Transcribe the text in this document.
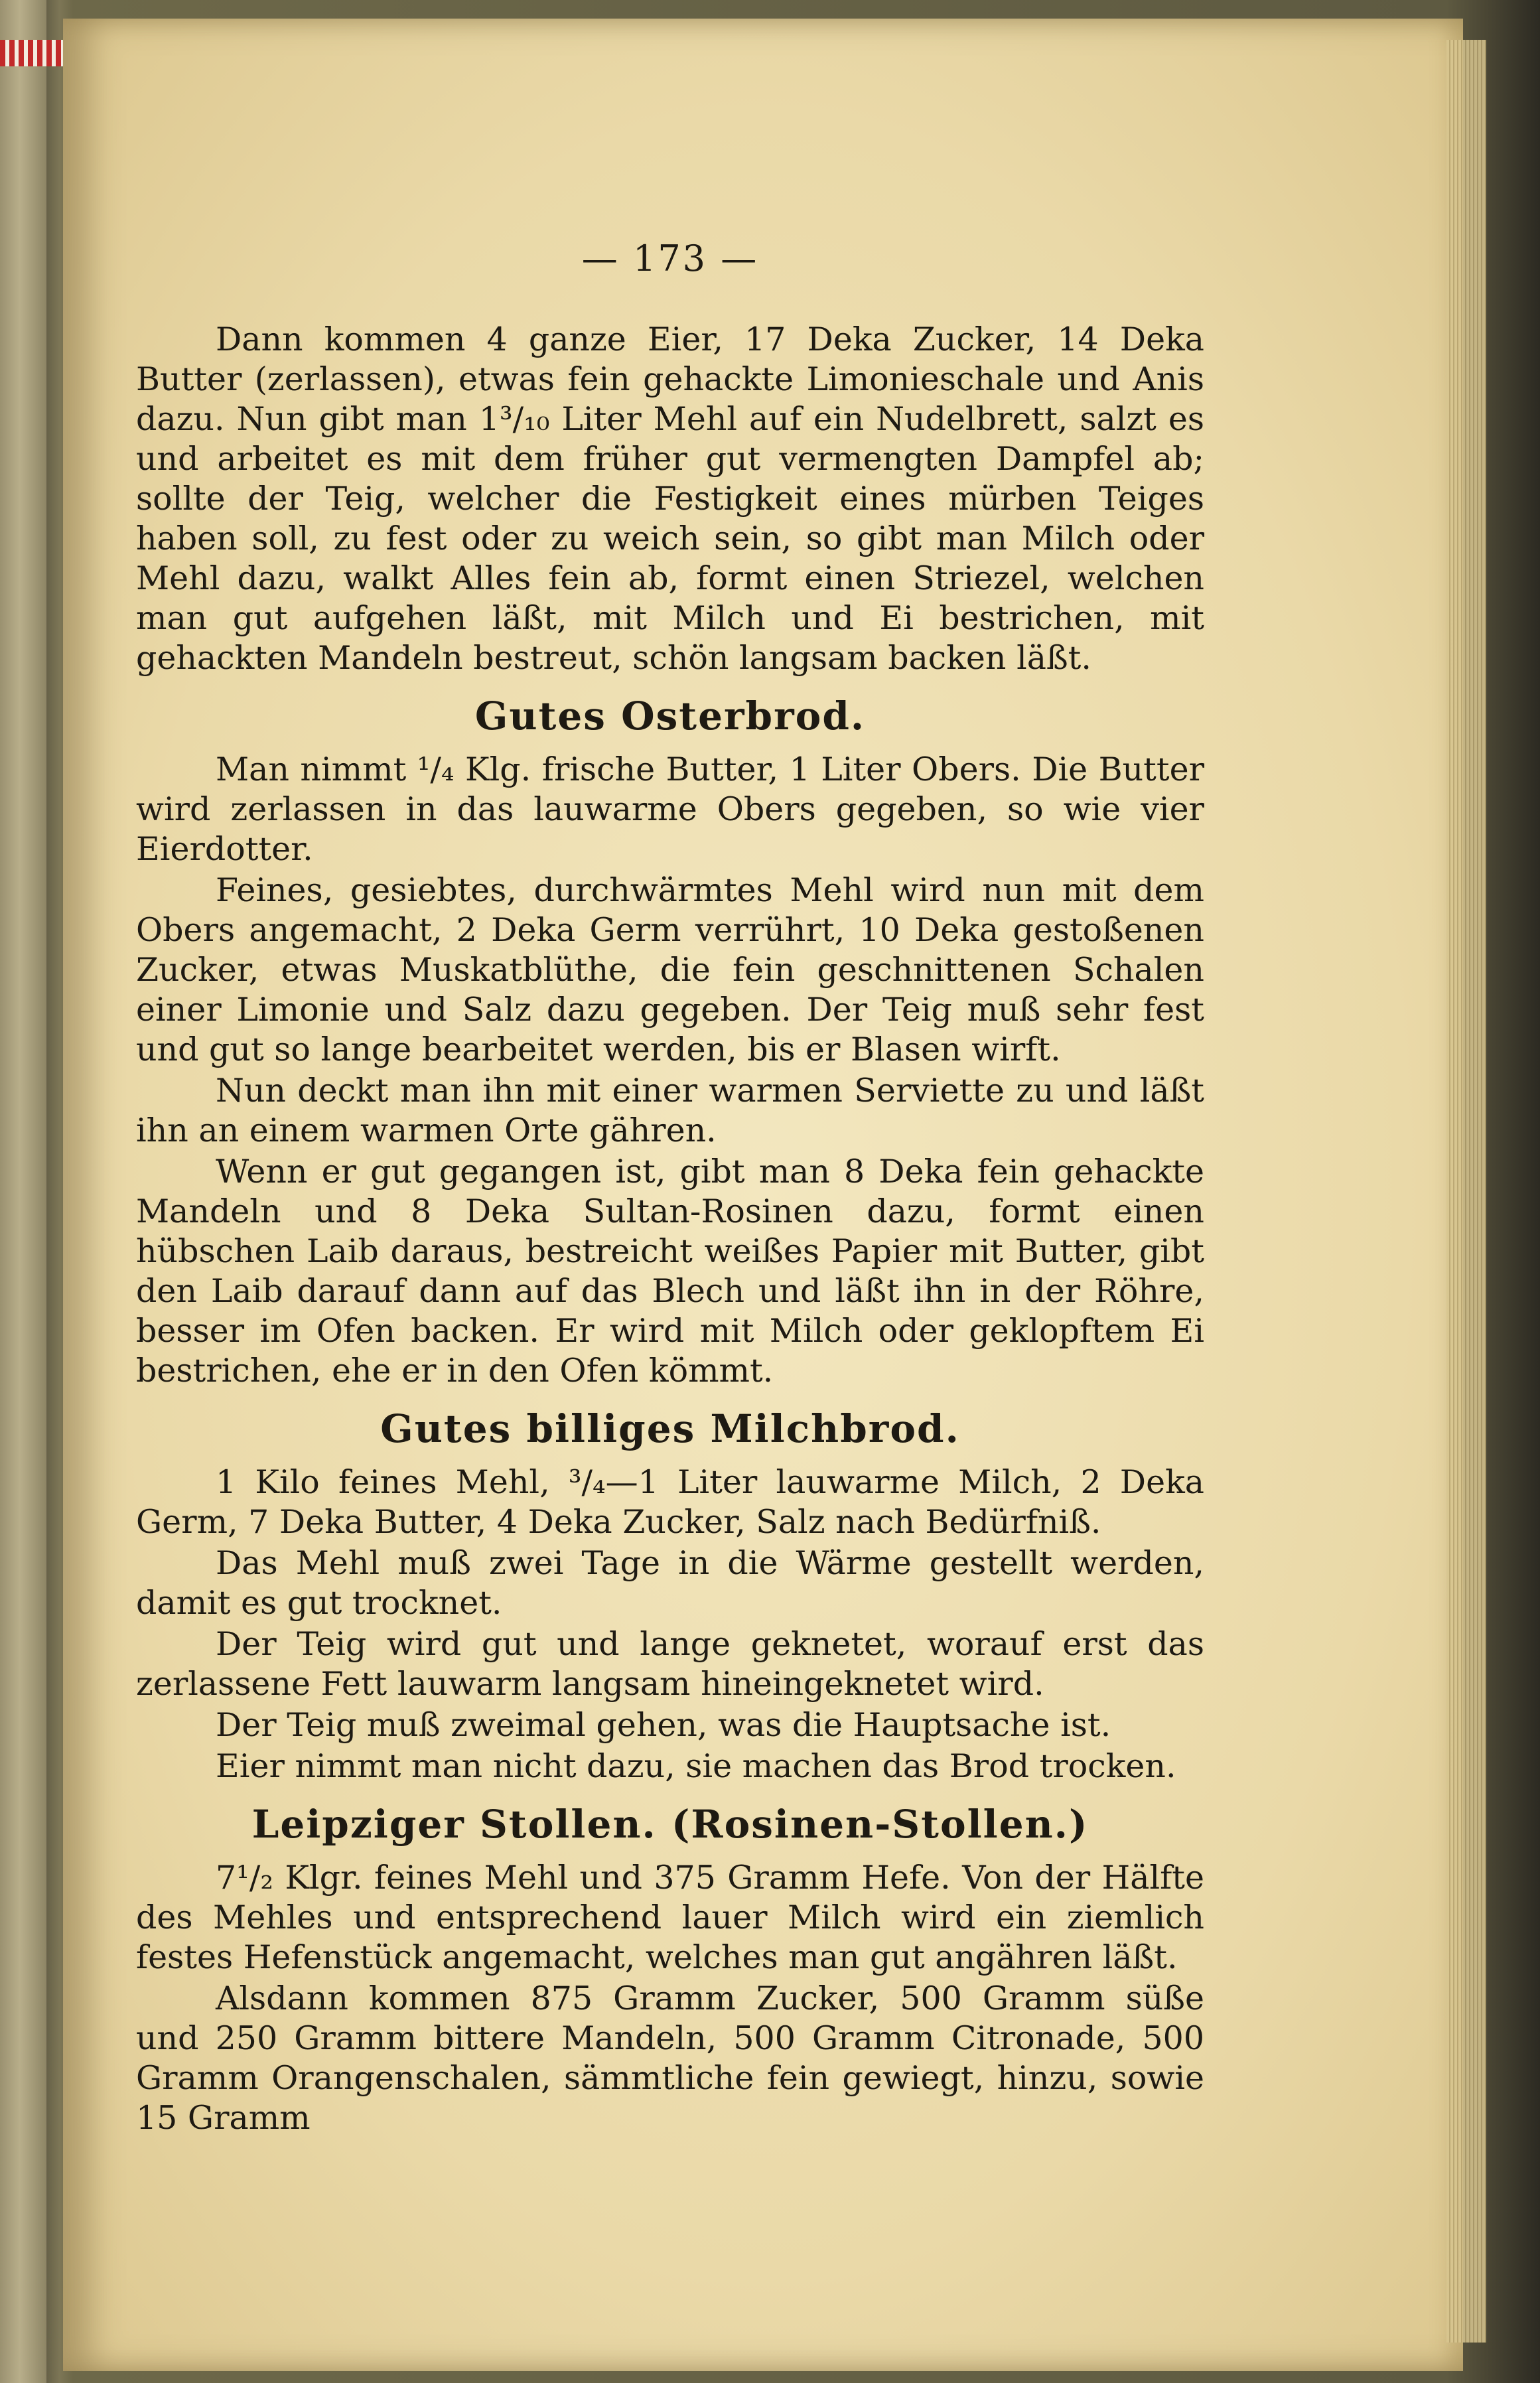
— 173 —

Dann kommen 4 ganze Eier, 17 Deka Zucker, 14 Deka Butter (zerlassen), etwas fein gehackte Limonieschale und Anis dazu. Nun gibt man 1³/₁₀ Liter Mehl auf ein Nudelbrett, salzt es und arbeitet es mit dem früher gut vermengten Dampfel ab; sollte der Teig, welcher die Festigkeit eines mürben Teiges haben soll, zu fest oder zu weich sein, so gibt man Milch oder Mehl dazu, walkt Alles fein ab, formt einen Striezel, welchen man gut aufgehen läßt, mit Milch und Ei bestrichen, mit gehackten Mandeln bestreut, schön langsam backen läßt.

Gutes Osterbrod.

Man nimmt ¹/₄ Klg. frische Butter, 1 Liter Obers. Die Butter wird zerlassen in das lauwarme Obers gegeben, so wie vier Eierdotter.

Feines, gesiebtes, durchwärmtes Mehl wird nun mit dem Obers angemacht, 2 Deka Germ verrührt, 10 Deka gestoßenen Zucker, etwas Muskatblüthe, die fein geschnittenen Schalen einer Limonie und Salz dazu gegeben. Der Teig muß sehr fest und gut so lange bearbeitet werden, bis er Blasen wirft.

Nun deckt man ihn mit einer warmen Serviette zu und läßt ihn an einem warmen Orte gähren.

Wenn er gut gegangen ist, gibt man 8 Deka fein gehackte Mandeln und 8 Deka Sultan-Rosinen dazu, formt einen hübschen Laib daraus, bestreicht weißes Papier mit Butter, gibt den Laib darauf dann auf das Blech und läßt ihn in der Röhre, besser im Ofen backen. Er wird mit Milch oder geklopftem Ei bestrichen, ehe er in den Ofen kömmt.

Gutes billiges Milchbrod.

1 Kilo feines Mehl, ³/₄—1 Liter lauwarme Milch, 2 Deka Germ, 7 Deka Butter, 4 Deka Zucker, Salz nach Bedürfniß.

Das Mehl muß zwei Tage in die Wärme gestellt werden, damit es gut trocknet.

Der Teig wird gut und lange geknetet, worauf erst das zerlassene Fett lauwarm langsam hineingeknetet wird.

Der Teig muß zweimal gehen, was die Hauptsache ist.

Eier nimmt man nicht dazu, sie machen das Brod trocken.

Leipziger Stollen. (Rosinen-Stollen.)

7¹/₂ Klgr. feines Mehl und 375 Gramm Hefe. Von der Hälfte des Mehles und entsprechend lauer Milch wird ein ziemlich festes Hefenstück angemacht, welches man gut angähren läßt.

Alsdann kommen 875 Gramm Zucker, 500 Gramm süße und 250 Gramm bittere Mandeln, 500 Gramm Citronade, 500 Gramm Orangenschalen, sämmtliche fein gewiegt, hinzu, sowie 15 Gramm
